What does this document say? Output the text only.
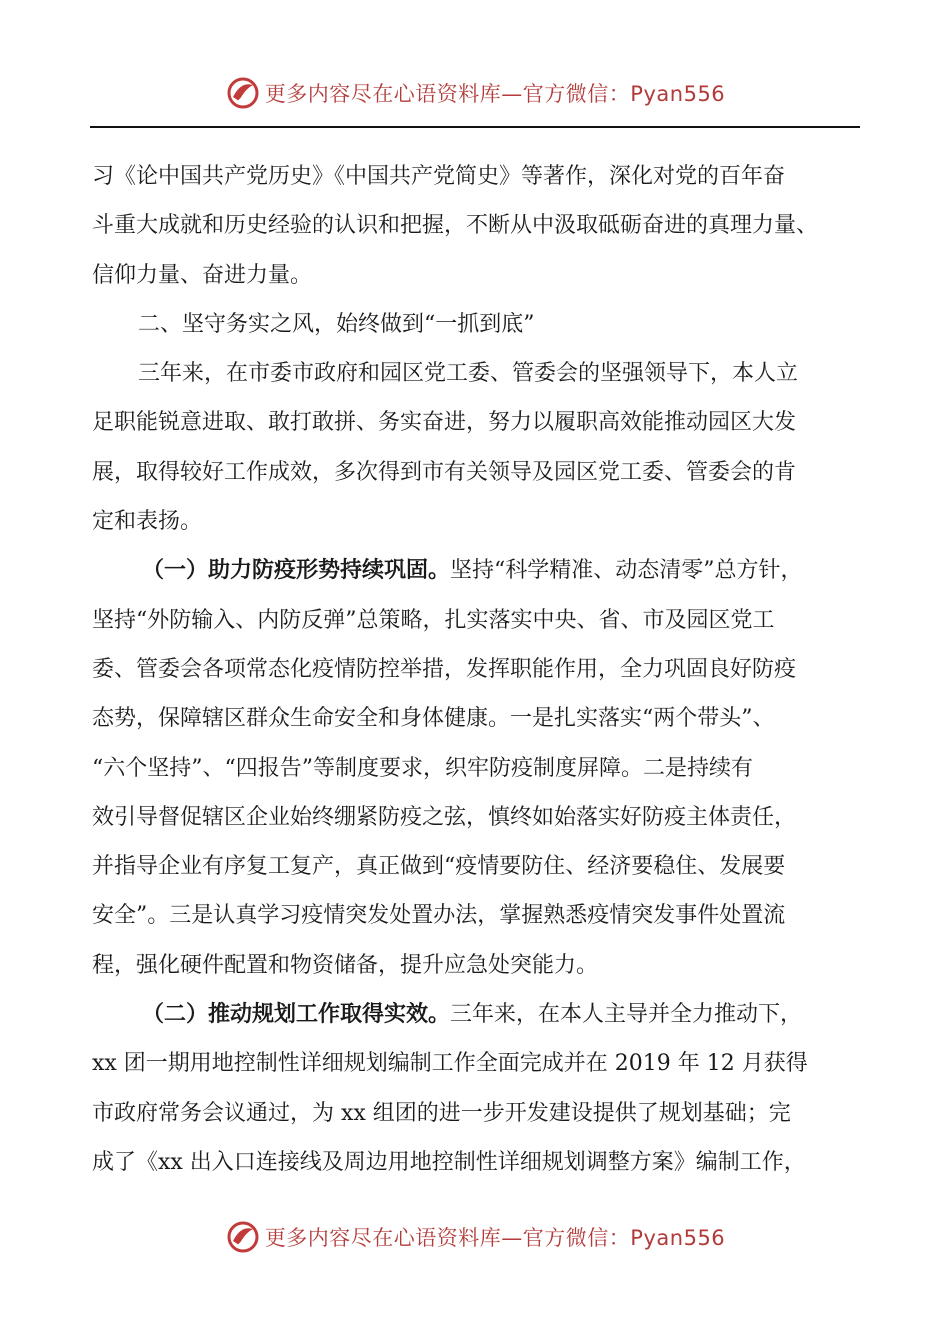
更多内容尽在心语资料库—官方微信：Pyan556
习《论中国共产党历史》《中国共产党简史》等著作，深化对党的百年奋
斗重大成就和历史经验的认识和把握，不断从中汲取砥砺奋进的真理力量、
信仰力量、奋进力量。
二、坚守务实之风，始终做到“一抓到底”
三年来，在市委市政府和园区党工委、管委会的坚强领导下，本人立
足职能锐意进取、敢打敢拼、务实奋进，努力以履职高效能推动园区大发
展，取得较好工作成效，多次得到市有关领导及园区党工委、管委会的肯
定和表扬。
（一）助力防疫形势持续巩固。坚持“科学精准、动态清零”总方针，
坚持“外防输入、内防反弹”总策略，扎实落实中央、省、市及园区党工
委、管委会各项常态化疫情防控举措，发挥职能作用，全力巩固良好防疫
态势，保障辖区群众生命安全和身体健康。一是扎实落实“两个带头”、
“六个坚持”、“四报告”等制度要求，织牢防疫制度屏障。二是持续有
效引导督促辖区企业始终绷紧防疫之弦，慎终如始落实好防疫主体责任，
并指导企业有序复工复产，真正做到“疫情要防住、经济要稳住、发展要
安全”。三是认真学习疫情突发处置办法，掌握熟悉疫情突发事件处置流
程，强化硬件配置和物资储备，提升应急处突能力。
（二）推动规划工作取得实效。三年来，在本人主导并全力推动下，
xx 团一期用地控制性详细规划编制工作全面完成并在 2019 年 12 月获得
市政府常务会议通过，为 xx 组团的进一步开发建设提供了规划基础；完
成了《xx 出入口连接线及周边用地控制性详细规划调整方案》编制工作，
更多内容尽在心语资料库—官方微信：Pyan556
